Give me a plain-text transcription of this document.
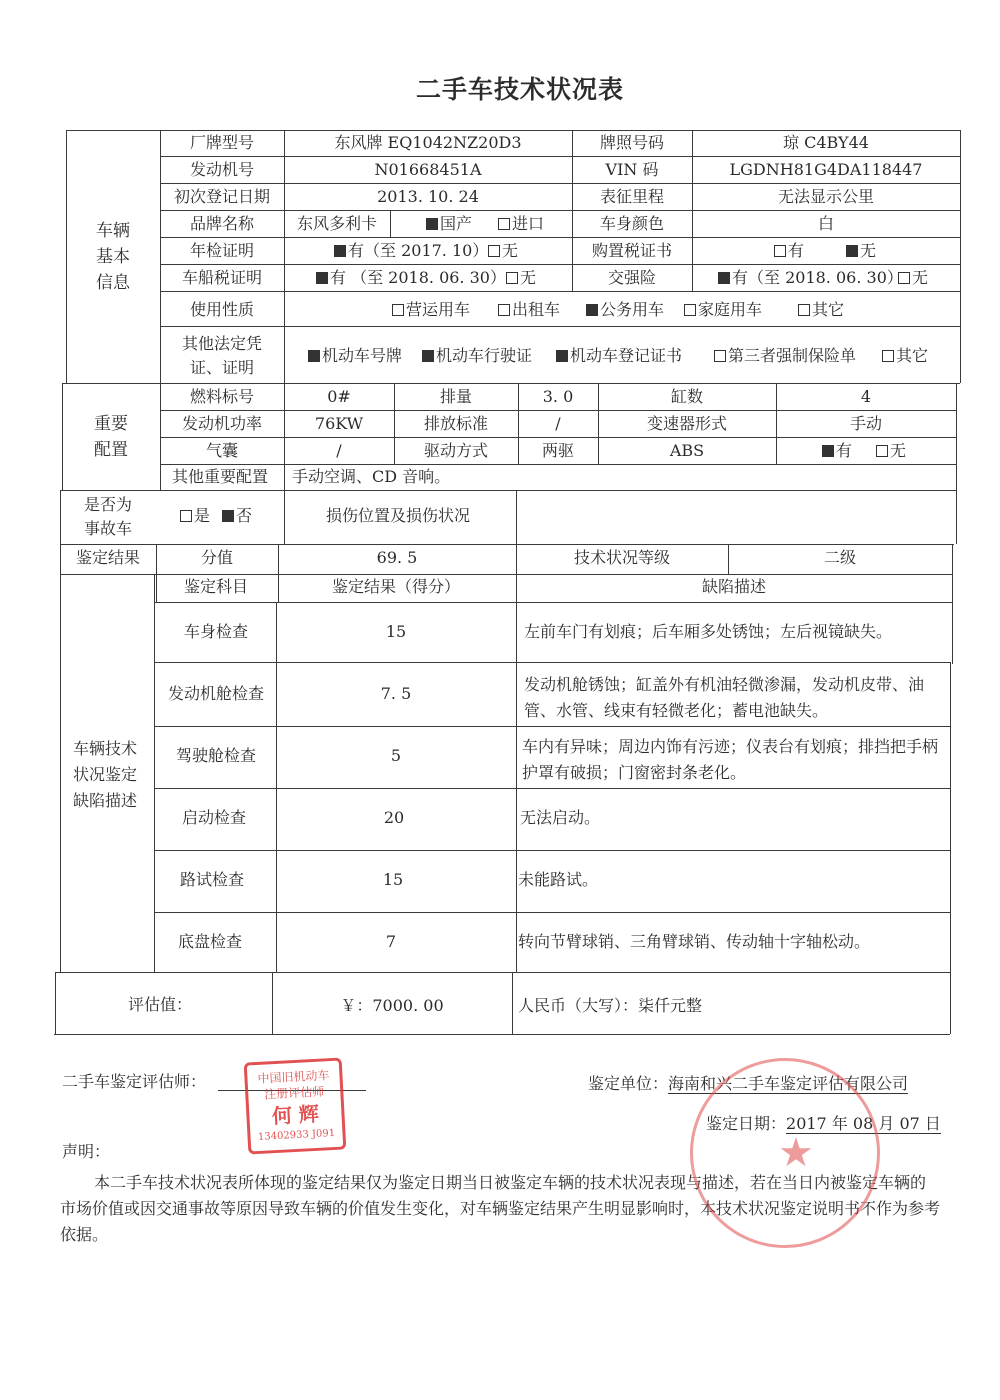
二手车技术状况表
车辆
基本
信息
厂牌型号	东风牌 EQ1042NZ20D3	牌照号码	琼 C4BY44
发动机号	N01668451A	VIN 码	LGDNH81G4DA118447
初次登记日期	2013. 10. 24	表征里程	无法显示公里
品牌名称	东风多利卡	国产	进口	车身颜色	白
年检证明	有（至 2017. 10） 无	购置税证书	有	无
车船税证明	有 （至 2018. 06. 30） 无	交强险	有（至 2018. 06. 30） 无
使用性质	营运用车	出租车	公务用车	家庭用车	其它
其他法定凭
证、证明
机动车号牌	机动车行驶证	机动车登记证书	第三者强制保险单	其它
重要
配置
燃料标号	0#	排量	3. 0	缸数	4
发动机功率	76KW	排放标准	/	变速器形式	手动
气囊	/	驱动方式	两驱	ABS	有	无
其他重要配置 手动空调、CD 音响。
是否为
事故车
是	否	损伤位置及损伤状况
鉴定结果	分值	69. 5	技术状况等级	二级
车辆技术
状况鉴定
缺陷描述
鉴定科目	鉴定结果（得分）	缺陷描述
车身检查	15	左前车门有划痕；后车厢多处锈蚀；左后视镜缺失。
发动机舱检查	7. 5	发动机舱锈蚀；缸盖外有机油轻微渗漏，发动机皮带、油管、水管、线束有轻微老化；蓄电池缺失。
驾驶舱检查	5	车内有异味；周边内饰有污迹；仪表台有划痕；排挡把手柄护罩有破损；门窗密封条老化。
启动检查	20	无法启动。
路试检查	15	未能路试。
底盘检查	7	转向节臂球销、三角臂球销、传动轴十字轴松动。
评估值：	￥：7000. 00	人民币（大写）：柒仟元整
二手车鉴定评估师：	鉴定单位：海南和兴二手车鉴定评估有限公司
鉴定日期：2017 年 08 月 07 日
声明：
本二手车技术状况表所体现的鉴定结果仅为鉴定日期当日被鉴定车辆的技术状况表现与描述，若在当日内被鉴定车辆的市场价值或因交通事故等原因导致车辆的价值发生变化，对车辆鉴定结果产生明显影响时，本技术状况鉴定说明书不作为参考依据。
中国旧机动车
注册评估师
何 辉
13402933 J091	★
